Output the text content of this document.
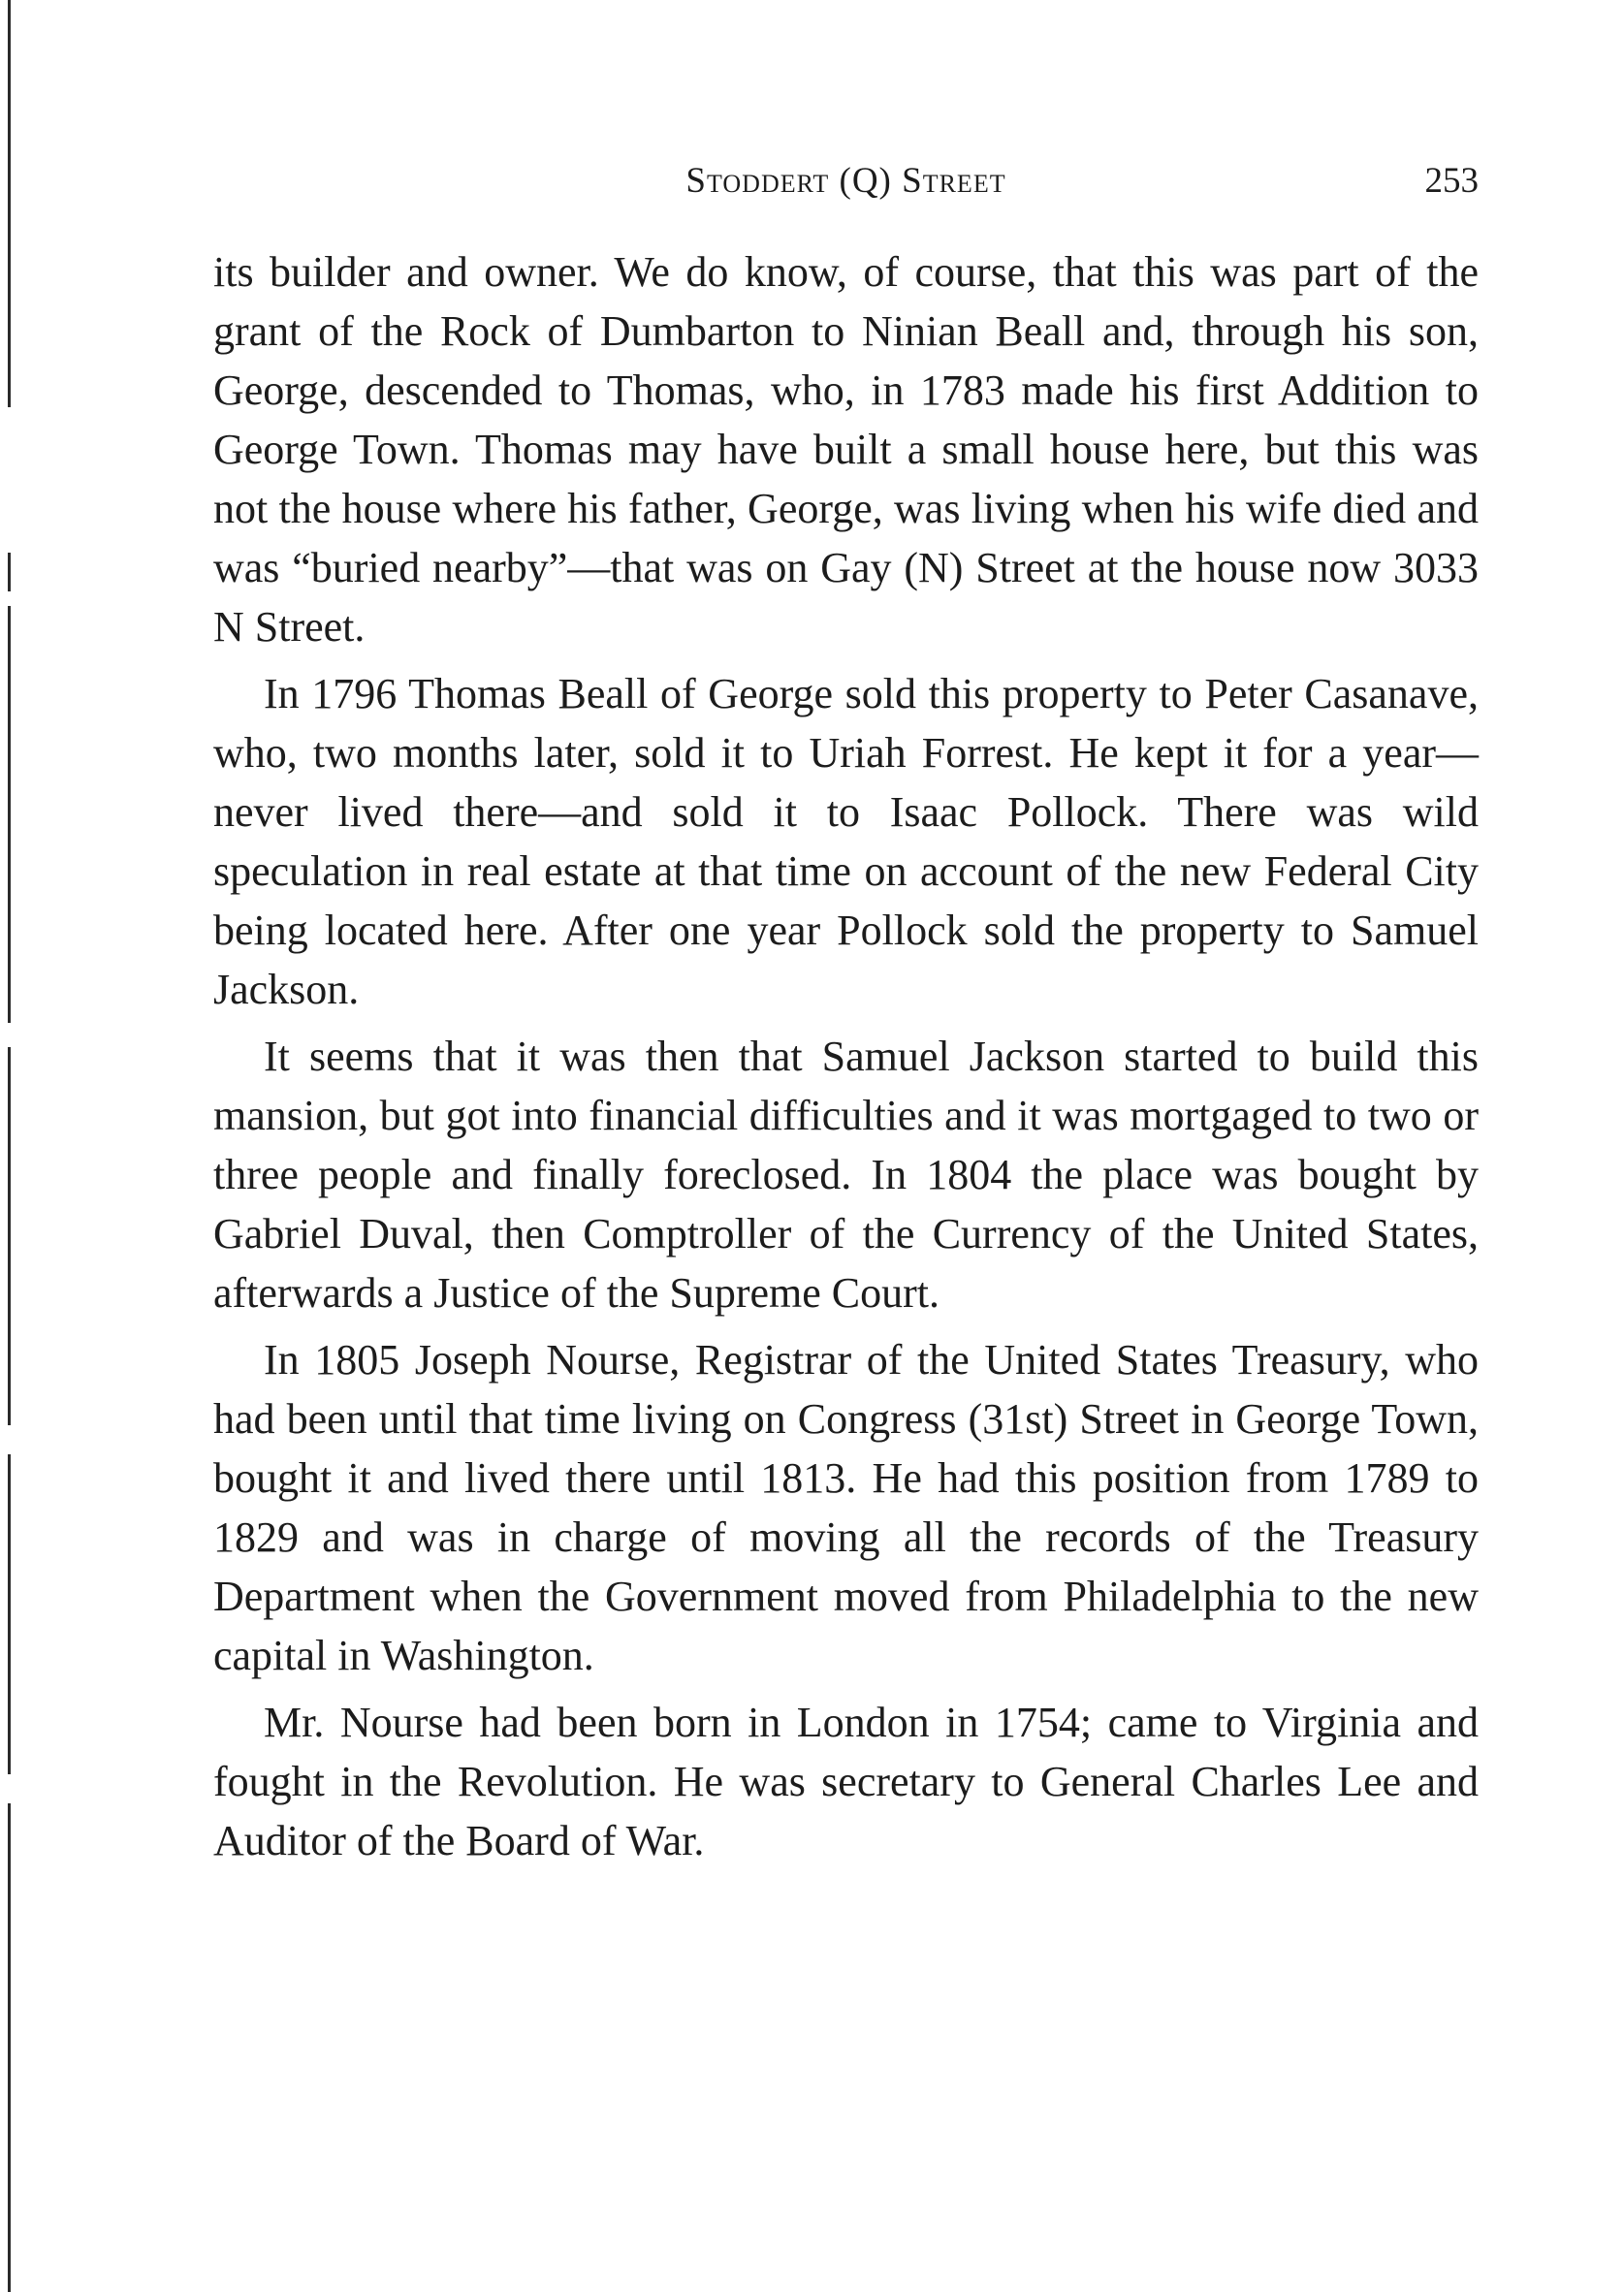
Stoddert (Q) Street	253

its builder and owner. We do know, of course, that this was part of the grant of the Rock of Dumbarton to Ninian Beall and, through his son, George, descended to Thomas, who, in 1783 made his first Addition to George Town. Thomas may have built a small house here, but this was not the house where his father, George, was living when his wife died and was “buried nearby”—that was on Gay (N) Street at the house now 3033 N Street.

In 1796 Thomas Beall of George sold this property to Peter Casanave, who, two months later, sold it to Uriah Forrest. He kept it for a year—never lived there—and sold it to Isaac Pollock. There was wild speculation in real estate at that time on account of the new Federal City being located here. After one year Pollock sold the property to Samuel Jackson.

It seems that it was then that Samuel Jackson started to build this mansion, but got into financial difficulties and it was mortgaged to two or three people and finally foreclosed. In 1804 the place was bought by Gabriel Duval, then Comptroller of the Currency of the United States, afterwards a Justice of the Supreme Court.

In 1805 Joseph Nourse, Registrar of the United States Treasury, who had been until that time living on Congress (31st) Street in George Town, bought it and lived there until 1813. He had this position from 1789 to 1829 and was in charge of moving all the records of the Treasury Department when the Government moved from Philadelphia to the new capital in Washington.

Mr. Nourse had been born in London in 1754; came to Virginia and fought in the Revolution. He was secretary to General Charles Lee and Auditor of the Board of War.
